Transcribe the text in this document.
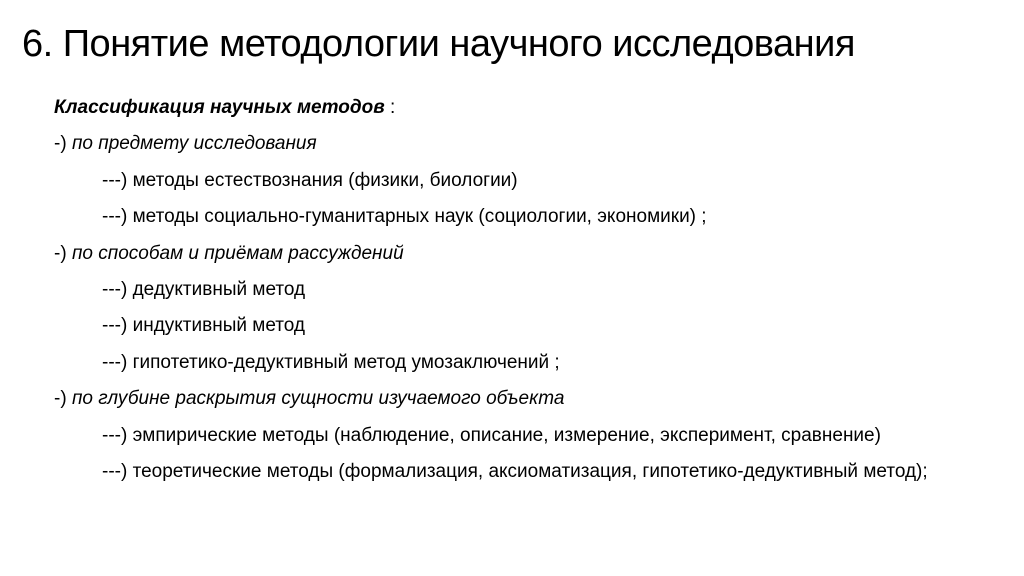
6. Понятие методологии научного исследования
Классификация научных методов :
-) по предмету исследования
---) методы естествознания (физики, биологии)
---) методы социально-гуманитарных наук (социологии, экономики) ;
-) по способам и приёмам рассуждений
---) дедуктивный метод
---) индуктивный метод
---) гипотетико-дедуктивный метод умозаключений ;
-) по глубине раскрытия сущности изучаемого объекта
---) эмпирические методы (наблюдение, описание, измерение, эксперимент, сравнение)
---) теоретические методы (формализация, аксиоматизация, гипотетико-дедуктивный метод);
